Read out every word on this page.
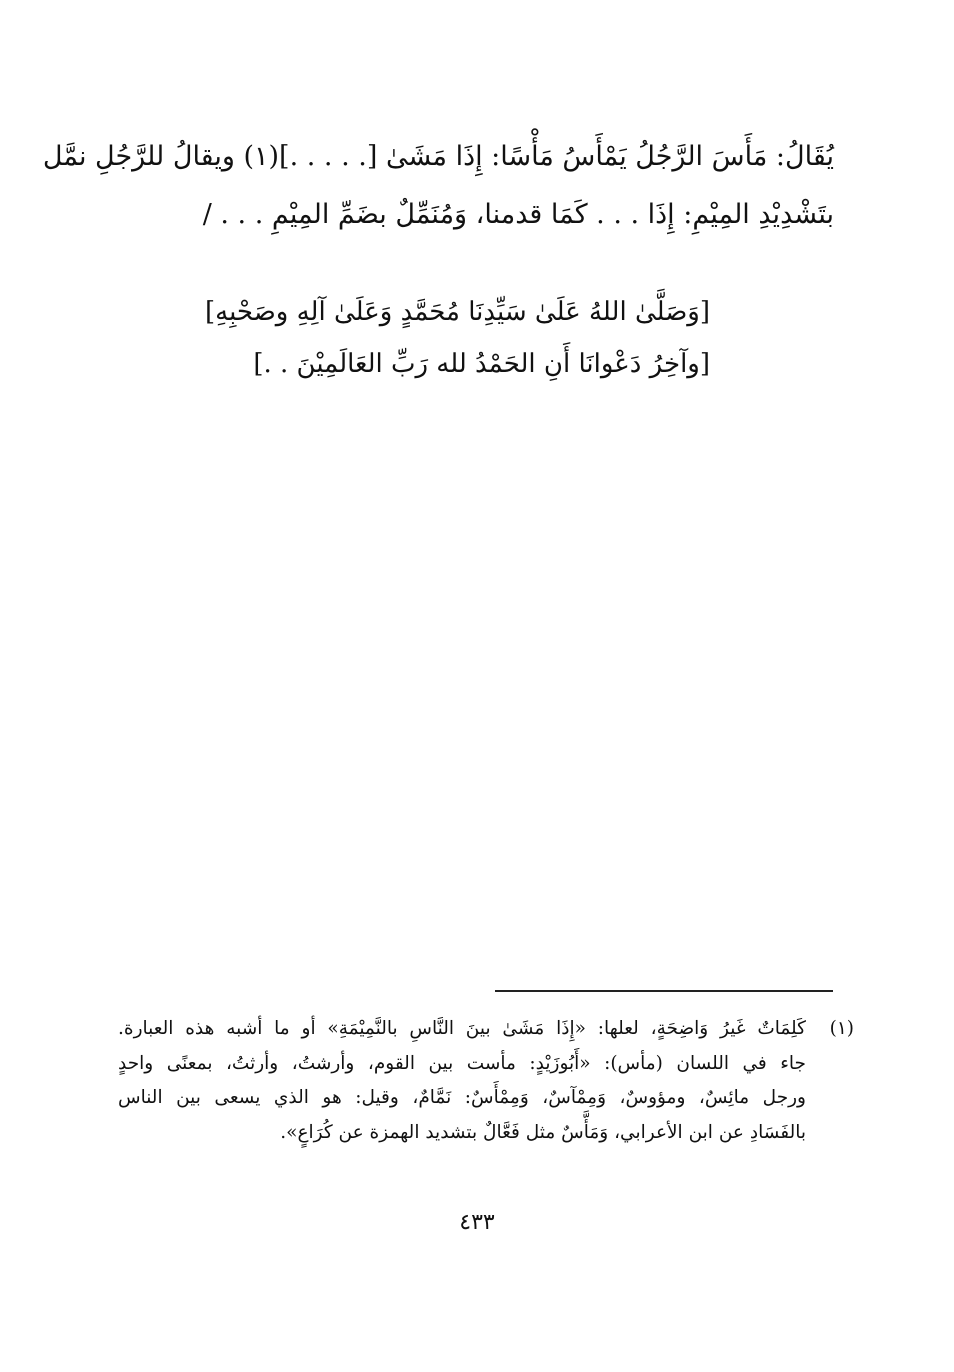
يُقَالُ: مَأَسَ الرَّجُلُ يَمْأَسُ مَأْسًا: إِذَا مَشَىٰ [. . . . .](١) ويقالُ للرَّجُلِ نمَّل
بتَشْدِيْدِ المِيْمِ: إِذَا . . . كَمَا قدمنا، وَمُنَمِّلٌ بضَمِّ المِيْمِ . . . /
[وَصَلَّىٰ اللهُ عَلَىٰ سَيِّدِنَا مُحَمَّدٍ وَعَلَىٰ آلِهِ وصَحْبِهِ]
[وآخِرُ دَعْوانَا أَنِ الحَمْدُ لله رَبِّ العَالَمِيْنَ . .]
(١)
كَلِمَاتٌ غَيرُ وَاضِحَةٍ، لعلها: «إِذَا مَشَىٰ بينَ النَّاسِ بالنَّمِيْمَةِ» أو ما أشبه هذه العبارة.
جاء في اللسان (مأس): «أَبُوزَيْدٍ: مأست بين القوم، وأرشتُ، وأرثتُ، بمعنًى واحدٍ
ورجل مائِسٌ، ومؤوسٌ، وَمِمْآسٌ، وَمِمْأَسٌ: نَمَّامٌ، وقيل: هو الذي يسعى بين الناس
بالفَسَادِ عن ابن الأعرابي، وَمَأَّسٌ مثل فَعَّالٌ بتشديد الهمزة عن كُرَاعٍ».
٤٣٣
